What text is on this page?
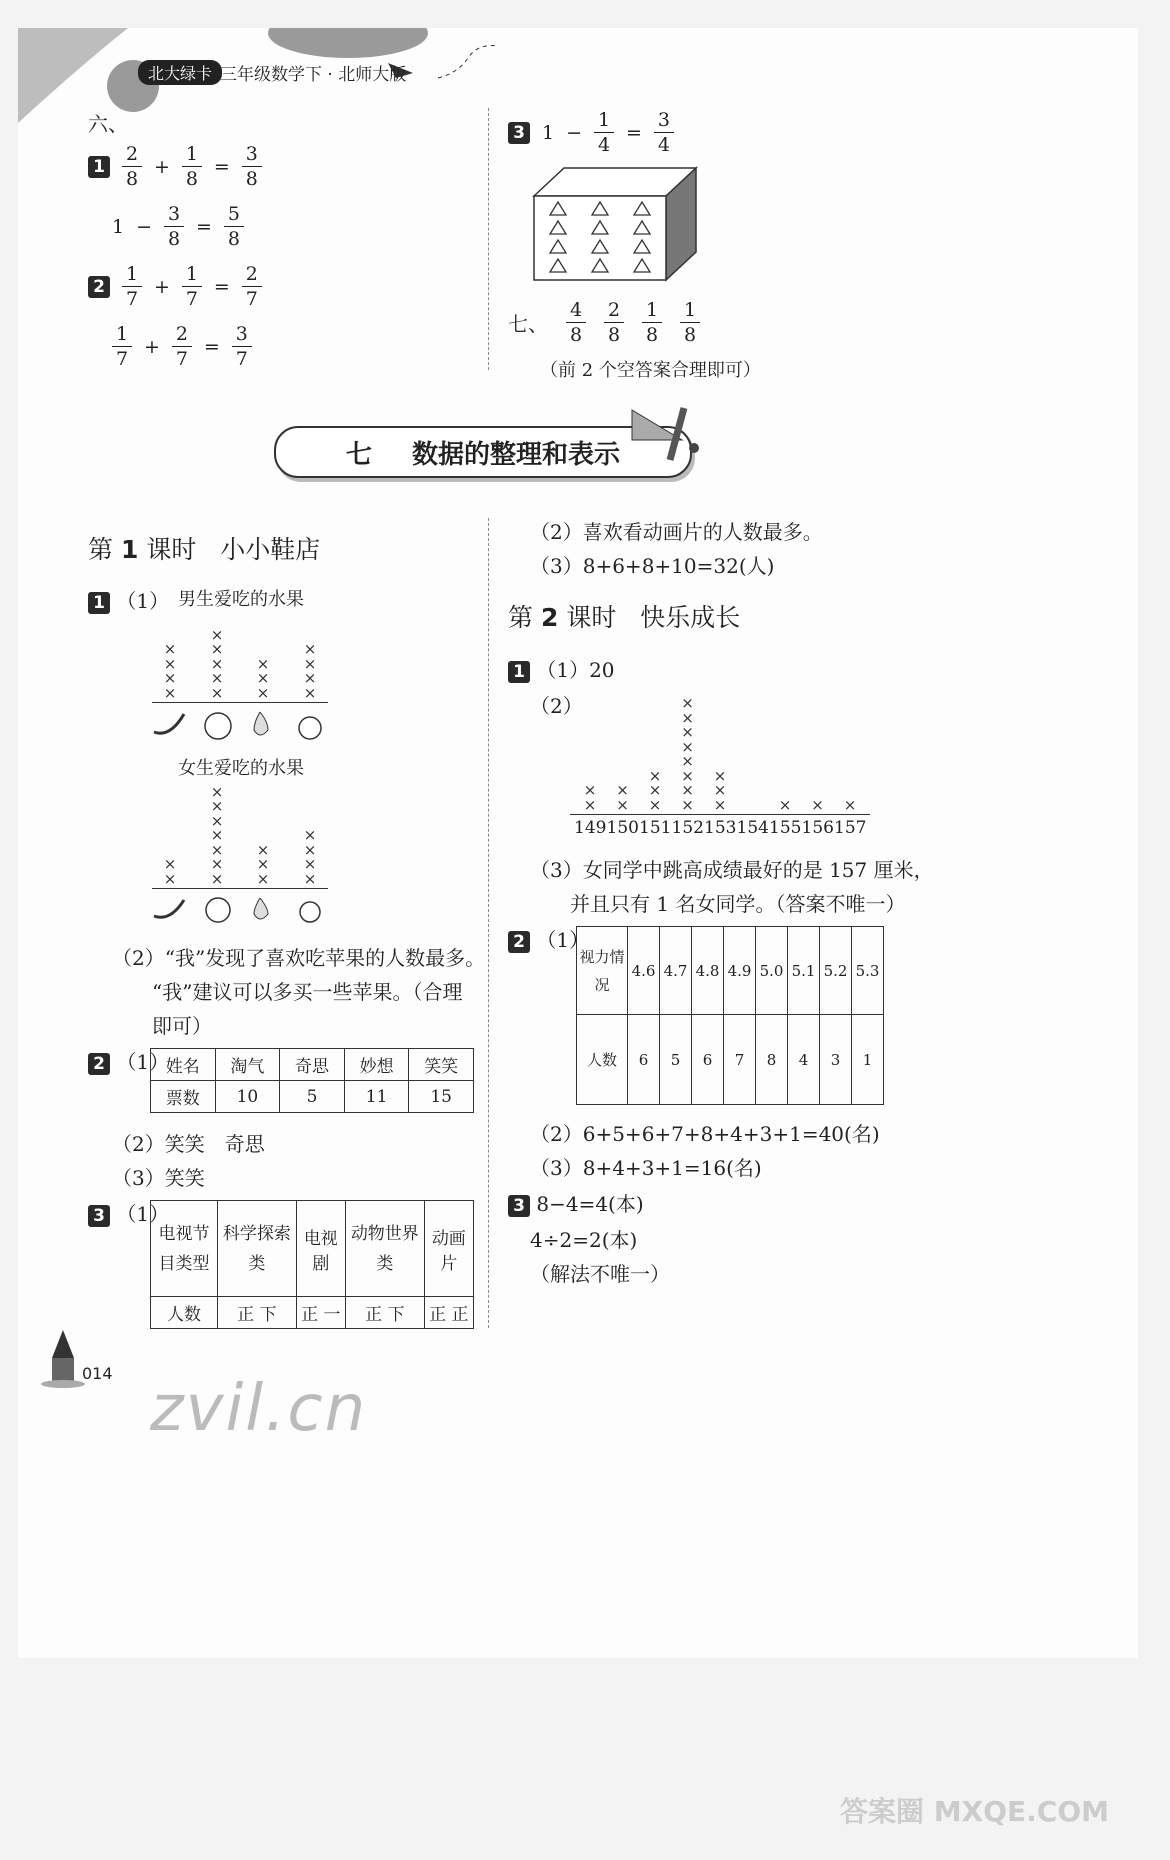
北大绿卡 三年级数学下 · 北师大版
六、
$1 \frac{2}{8} + \frac{1}{8} = \frac{3}{8}$
$1 - \frac{3}{8} = \frac{5}{8}$
$2 \frac{1}{7} + \frac{1}{7} = \frac{2}{7}$
$\frac{1}{7} + \frac{2}{7} = \frac{3}{7}$
3 $1 - \frac{1}{4} = \frac{3}{4}$
七、 $\frac{4}{8} \frac{2}{8} \frac{1}{8} \frac{1}{8}$
（前 2 个空答案合理即可）
七 数据的整理和表示
第 1 课时 小小鞋店
1 （1） 男生爱吃的水果
×
×
×
×
×
×
×
×
×
×
×
×
×
×
×
×
女生爱吃的水果
×
×
×
×
×
×
×
×
×
×
×
×
×
×
×
×
（2）“我”发现了喜欢吃苹果的人数最多。
“我”建议可以多买一些苹果。（合理
即可）
2 （1）
姓名	淘气	奇思	妙想	笑笑
票数	10	5	11	15
（2）笑笑　奇思
（3）笑笑
3 （1）
电视节目类型	科学探索类	电视剧	动物世界类	动画片
人数	正 下	正 一	正 下	正 正
（2）喜欢看动画片的人数最多。
（3）8+6+8+10=32(人)
第 2 课时 快乐成长
1 （1）20
（2）
×
×
×
×
×
×
×
×
×
×
×
×
×
×
×
×
×
×
× × ×
149 150 151 152 153 154 155 156 157
（3）女同学中跳高成绩最好的是 157 厘米，
并且只有 1 名女同学。（答案不唯一）
2 （1）
视力情况	4.6	4.7	4.8	4.9	5.0	5.1	5.2	5.3
人数	6	5	6	7	8	4	3	1
（2）6+5+6+7+8+4+3+1=40(名)
（3）8+4+3+1=16(名)
3 8−4=4(本)
4÷2=2(本)
（解法不唯一）
014 zvil.cn
答案圈 MXQE.COM
